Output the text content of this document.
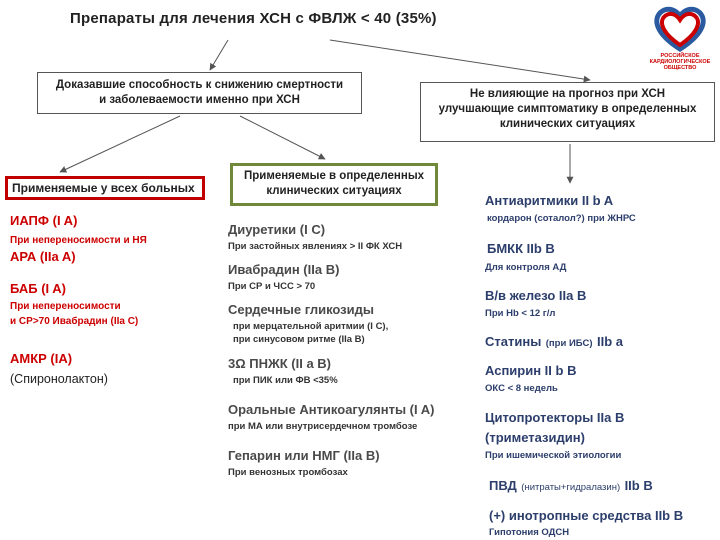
Препараты для лечения ХСН с ФВЛЖ < 40 (35%)
РОССИЙСКОЕ
КАРДИОЛОГИЧЕСКОЕ
ОБЩЕСТВО
Доказавшие способность к снижению смертности
и заболеваемости именно при ХСН	Не влияющие на прогноз при ХСН
улучшающие симптоматику в определенных
клинических ситуациях
Применяемые у всех больных
Применяемые в определенных
клинических ситуациях
ИАПФ (I A)
При непереносимости и НЯ
АРА (IIa A)
БАБ (I A)
При непереносимости
и СР>70 Ивабрадин (IIa C)
АМКР (IA)
(Спиронолактон)
Диуретики (I C)
При застойных явлениях > II ФК ХСН
Ивабрадин (IIa B)
При СР и ЧСС > 70
Сердечные гликозиды
при мерцательной аритмии (I C),
при синусовом ритме (IIa B)
3Ω ПНЖК (II a B)
при ПИК или ФВ <35%
Оральные Антикоагулянты (I A)
при МА или внутрисердечном тромбозе
Гепарин или НМГ (IIa B)
При венозных тромбозах
Антиаритмики II b A
кордарон (соталол?) при ЖНРС
БМКК IIb B
Для контроля АД
В/в железо IIa B
При Hb < 12 г/л
Статины (при ИБС) IIb a
Аспирин II b B
ОКС < 8 недель
Цитопротекторы IIa B
(триметазидин)
При ишемической этиологии
ПВД (нитраты+гидралазин) IIb B
(+) инотропные средства IIb B
Гипотония ОДСН
